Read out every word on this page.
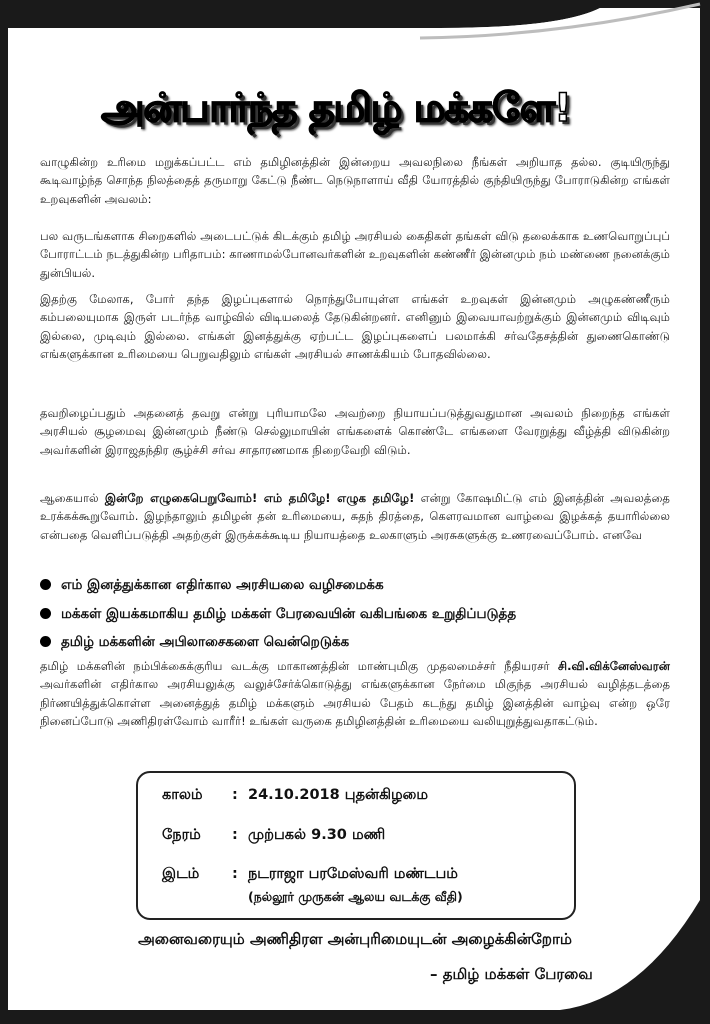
அன்பார்ந்த தமிழ் மக்களே!
வாழுகின்ற உரிமை மறுக்கப்பட்ட எம் தமிழினத்தின் இன்றைய அவலநிலை நீங்கள் அறியாத தல்ல. குடியிருந்து கூடிவாழ்ந்த சொந்த நிலத்தைத் தருமாறு கேட்டு நீண்ட நெடுநாளாய் வீதி யோரத்தில் குந்தியிருந்து போராடுகின்ற எங்கள் உறவுகளின் அவலம்:
பல வருடங்களாக சிறைகளில் அடைபட்டுக் கிடக்கும் தமிழ் அரசியல் கைதிகள் தங்கள் விடு தலைக்காக உணவொறுப்புப் போராட்டம் நடத்துகின்ற பரிதாபம்: காணாமல்போனவர்களின் உறவுகளின் கண்ணீர் இன்னமும் நம் மண்ணை நனைக்கும் துன்பியல்.
இதற்கு மேலாக, போர் தந்த இழப்புகளால் நொந்துபோயுள்ள எங்கள் உறவுகள் இன்னமும் அழுகண்ணீரும் கம்பலையுமாக இருள் படர்ந்த வாழ்வில் விடியலைத் தேடுகின்றனர். எனினும் இவையாவற்றுக்கும் இன்னமும் விடிவும் இல்லை, முடிவும் இல்லை. எங்கள் இனத்துக்கு ஏற்பட்ட இழப்புகளைப் பலமாக்கி சர்வதேசத்தின் துணைகொண்டு எங்களுக்கான உரிமையை பெறுவதிலும் எங்கள் அரசியல் சாணக்கியம் போதவில்லை.
தவறிழைப்பதும் அதனைத் தவறு என்று புரியாமலே அவற்றை நியாயப்படுத்துவதுமான அவலம் நிறைந்த எங்கள் அரசியல் சூழமைவு இன்னமும் நீண்டு செல்லுமாயின் எங்களைக் கொண்டே எங்களை வேரறுத்து வீழ்த்தி விடுகின்ற அவர்களின் இராஜதந்திர சூழ்ச்சி சர்வ சாதாரணமாக நிறைவேறி விடும்.
ஆகையால் இன்றே எழுகைபெறுவோம்! எம் தமிழே! எழுக தமிழே! என்று கோஷமிட்டு எம் இனத்தின் அவலத்தை உரக்கக்கூறுவோம். இழந்தாலும் தமிழன் தன் உரிமையை, சுதந் திரத்தை, கௌரவமான வாழ்வை இழக்கத் தயாரில்லை என்பதை வெளிப்படுத்தி அதற்குள் இருக்கக்கூடிய நியாயத்தை உலகாளும் அரசுகளுக்கு உணரவைப்போம். எனவே
எம் இனத்துக்கான எதிர்கால அரசியலை வழிசமைக்க
மக்கள் இயக்கமாகிய தமிழ் மக்கள் பேரவையின் வகிபங்கை உறுதிப்படுத்த
தமிழ் மக்களின் அபிலாசைகளை வென்றெடுக்க
தமிழ் மக்களின் நம்பிக்கைக்குரிய வடக்கு மாகாணத்தின் மாண்புமிகு முதலமைச்சர் நீதியரசர் சி.வி.விக்னேஸ்வரன் அவர்களின் எதிர்கால அரசியலுக்கு வலுச்சேர்க்கொடுத்து எங்களுக்கான நேர்மை மிகுந்த அரசியல் வழித்தடத்தை நிர்ணயித்துக்கொள்ள அனைத்துத் தமிழ் மக்களும் அரசியல் பேதம் கடந்து தமிழ் இனத்தின் வாழ்வு என்ற ஒரே நினைப்போடு அணிதிரள்வோம் வாரீர்! உங்கள் வருகை தமிழினத்தின் உரிமையை வலியுறுத்துவதாகட்டும்.
காலம் : 24.10.2018 புதன்கிழமை
நேரம் : முற்பகல் 9.30 மணி
இடம் : நடராஜா பரமேஸ்வரி மண்டபம்
(நல்லூர் முருகன் ஆலய வடக்கு வீதி)
அனைவரையும் அணிதிரள அன்புரிமையுடன் அழைக்கின்றோம்
– தமிழ் மக்கள் பேரவை
